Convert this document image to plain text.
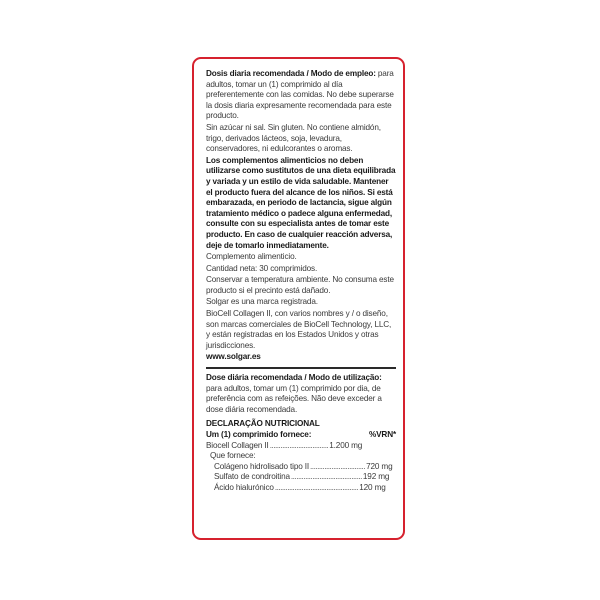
Dosis diaria recomendada / Modo de empleo: para adultos, tomar un (1) comprimido al día preferentemente con las comidas. No debe superarse la dosis diaria expresamente recomendada para este producto.

Sin azúcar ni sal. Sin gluten. No contiene almidón, trigo, derivados lácteos, soja, levadura, conservadores, ni edulcorantes o aromas.

Los complementos alimenticios no deben utilizarse como sustitutos de una dieta equilibrada y variada y un estilo de vida saludable. Mantener el producto fuera del alcance de los niños. Si está embarazada, en periodo de lactancia, sigue algún tratamiento médico o padece alguna enfermedad, consulte con su especialista antes de tomar este producto. En caso de cualquier reacción adversa, deje de tomarlo inmediatamente.

Complemento alimenticio.

Cantidad neta: 30 comprimidos.

Conservar a temperatura ambiente. No consuma este producto si el precinto está dañado.

Solgar es una marca registrada.

BioCell Collagen II, con varios nombres y / o diseño, son marcas comerciales de BioCell Technology, LLC, y están registradas en los Estados Unidos y otras jurisdicciones.

www.solgar.es

Dose diária recomendada / Modo de utilização: para adultos, tomar um (1) comprimido por dia, de preferência com as refeições. Não deve exceder a dose diária recomendada.

DECLARAÇÃO NUTRICIONAL
Um (1) comprimido fornece:	%VRN*
Biocell Collagen II ................................. 1.200 mg
Que fornece:
Colágeno hidrolisado tipo II ............................... 720 mg
Sulfato de condroitina ........................................ 192 mg
Ácido hialurónico ............................................... 120 mg
